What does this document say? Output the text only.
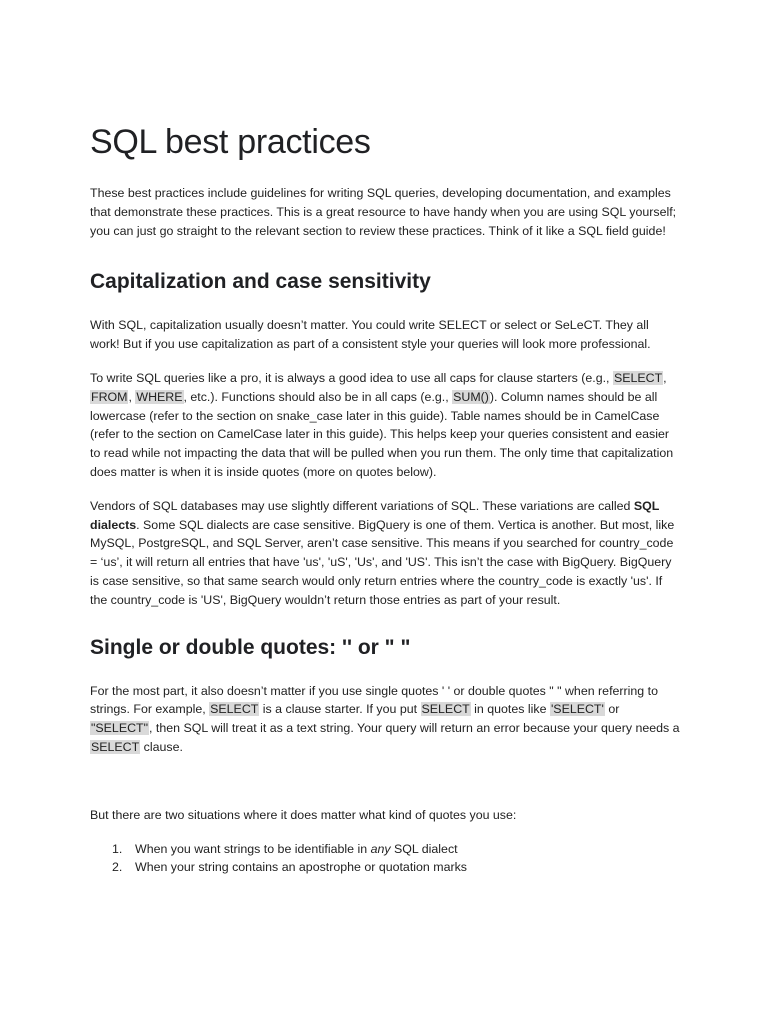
SQL best practices

These best practices include guidelines for writing SQL queries, developing documentation, and examples that demonstrate these practices. This is a great resource to have handy when you are using SQL yourself; you can just go straight to the relevant section to review these practices. Think of it like a SQL field guide!

Capitalization and case sensitivity

With SQL, capitalization usually doesn’t matter. You could write SELECT or select or SeLeCT. They all work! But if you use capitalization as part of a consistent style your queries will look more professional.

To write SQL queries like a pro, it is always a good idea to use all caps for clause starters (e.g., SELECT, FROM, WHERE, etc.). Functions should also be in all caps (e.g., SUM()). Column names should be all lowercase (refer to the section on snake_case later in this guide). Table names should be in CamelCase (refer to the section on CamelCase later in this guide). This helps keep your queries consistent and easier to read while not impacting the data that will be pulled when you run them. The only time that capitalization does matter is when it is inside quotes (more on quotes below).

Vendors of SQL databases may use slightly different variations of SQL. These variations are called SQL dialects. Some SQL dialects are case sensitive. BigQuery is one of them. Vertica is another. But most, like MySQL, PostgreSQL, and SQL Server, aren’t case sensitive. This means if you searched for country_code = ‘us’, it will return all entries that have 'us', 'uS', 'Us', and 'US'. This isn’t the case with BigQuery. BigQuery is case sensitive, so that same search would only return entries where the country_code is exactly 'us'. If the country_code is 'US', BigQuery wouldn’t return those entries as part of your result.

Single or double quotes: '' or " "

For the most part, it also doesn’t matter if you use single quotes ' ' or double quotes " " when referring to strings. For example, SELECT is a clause starter. If you put SELECT in quotes like 'SELECT' or "SELECT", then SQL will treat it as a text string. Your query will return an error because your query needs a SELECT clause.

But there are two situations where it does matter what kind of quotes you use:

1. When you want strings to be identifiable in any SQL dialect
2. When your string contains an apostrophe or quotation marks
